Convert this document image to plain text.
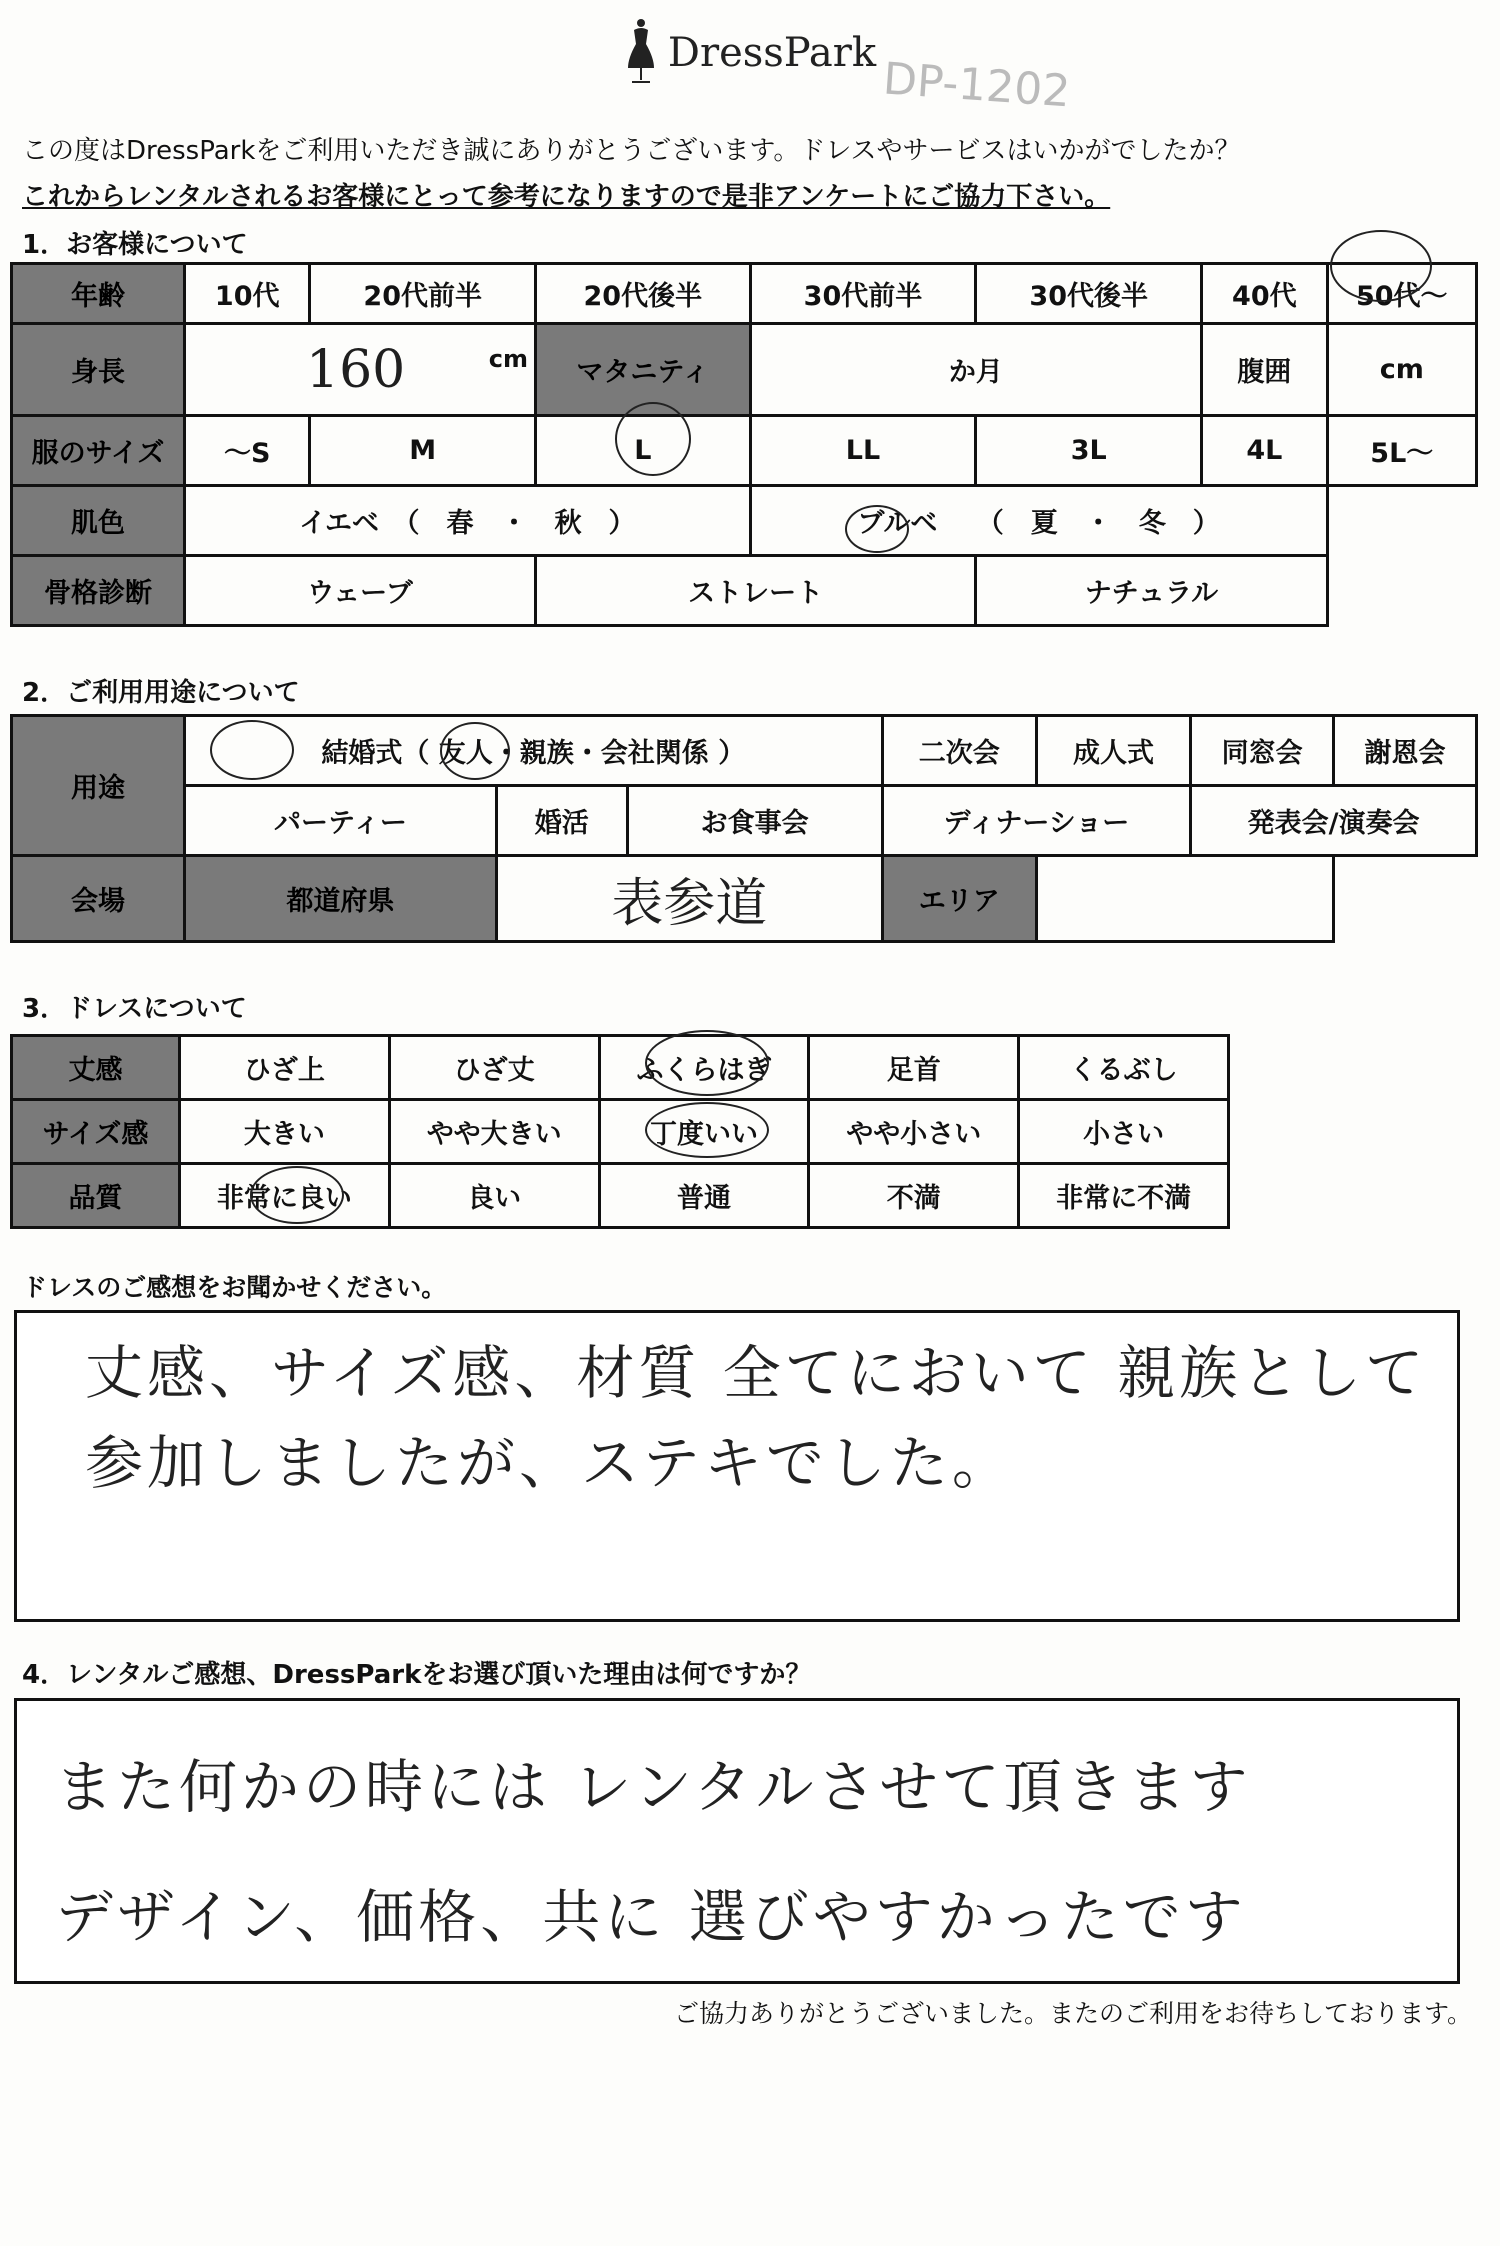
DressPark
DP-1202
この度はDressParkをご利用いただき誠にありがとうございます。ドレスやサービスはいかがでしたか？
これからレンタルされるお客様にとって参考になりますので是非アンケートにご協力下さい。
1．お客様について
年齢	10代	20代前半	20代後半	30代前半	30代後半	40代	50代～
身長	160 cm		マタニティ	か月		腹囲	cm
服のサイズ	～S	M	L	LL	3L	4L	5L～
肌色	イエベ　（　春　・　秋　）			ブルベ （　夏　・　冬　）			
骨格診断	ウェーブ		ストレート		ナチュラル		
2．ご利用用途について
用途	結婚式（ 友人・親族・会社関係 ）			二次会	成人式	同窓会	謝恩会
	パーティー	婚活	お食事会	ディナーショー		発表会/演奏会	
会場	都道府県	表参道		エリア			
3．ドレスについて
丈感	ひざ上	ひざ丈	ふくらはぎ	足首	くるぶし
サイズ感	大きい	やや大きい	丁度いい	やや小さい	小さい
品質	非常に良い	良い	普通	不満	非常に不満
ドレスのご感想をお聞かせください。
丈感、サイズ感、材質 全てにおいて 親族として
参加しましたが、ステキでした。
4．レンタルご感想、DressParkをお選び頂いた理由は何ですか？
また何かの時には レンタルさせて頂きます
デザイン、価格、共に 選びやすかったです
ご協力ありがとうございました。またのご利用をお待ちしております。
